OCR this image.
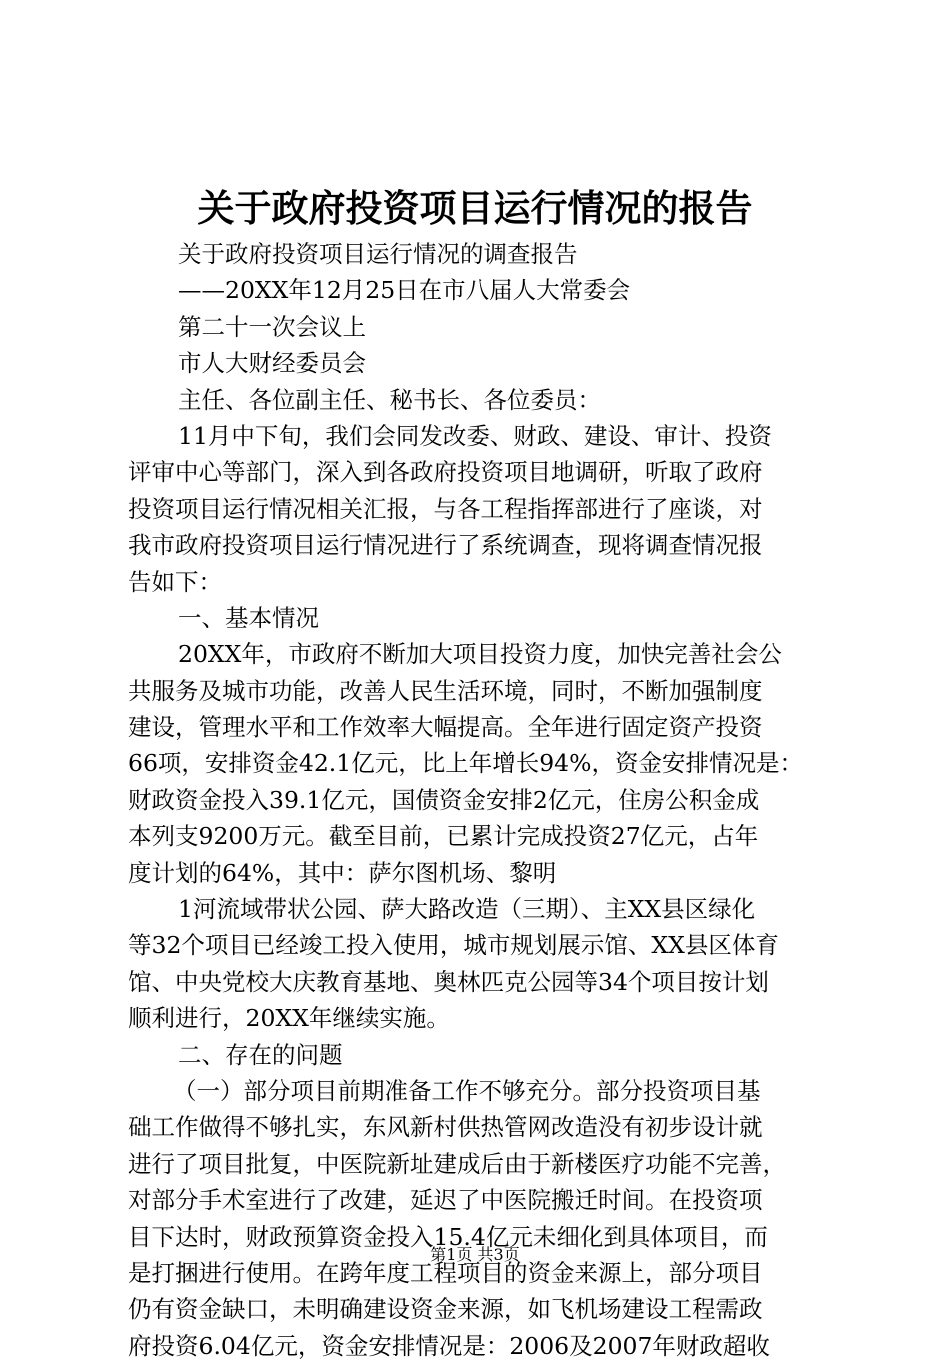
关于政府投资项目运行情况的报告
关于政府投资项目运行情况的调查报告
——20XX年12月25日在市八届人大常委会
第二十一次会议上
市人大财经委员会
主任、各位副主任、秘书长、各位委员：
11月中下旬，我们会同发改委、财政、建设、审计、投资
评审中心等部门，深入到各政府投资项目地调研，听取了政府
投资项目运行情况相关汇报，与各工程指挥部进行了座谈，对
我市政府投资项目运行情况进行了系统调查，现将调查情况报
告如下：
一、基本情况
20XX年，市政府不断加大项目投资力度，加快完善社会公
共服务及城市功能，改善人民生活环境，同时，不断加强制度
建设，管理水平和工作效率大幅提高。全年进行固定资产投资
66项，安排资金42.1亿元，比上年增长94%，资金安排情况是：
财政资金投入39.1亿元，国债资金安排2亿元，住房公积金成
本列支9200万元。截至目前，已累计完成投资27亿元，占年
度计划的64%，其中：萨尔图机场、黎明
1河流域带状公园、萨大路改造（三期）、主XX县区绿化
等32个项目已经竣工投入使用，城市规划展示馆、XX县区体育
馆、中央党校大庆教育基地、奥林匹克公园等34个项目按计划
顺利进行，20XX年继续实施。
二、存在的问题
（一）部分项目前期准备工作不够充分。部分投资项目基
础工作做得不够扎实，东风新村供热管网改造没有初步设计就
进行了项目批复，中医院新址建成后由于新楼医疗功能不完善，
对部分手术室进行了改建，延迟了中医院搬迁时间。在投资项
目下达时，财政预算资金投入15.4亿元未细化到具体项目，而
是打捆进行使用。在跨年度工程项目的资金来源上，部分项目
仍有资金缺口，未明确建设资金来源，如飞机场建设工程需政
府投资6.04亿元，资金安排情况是：2006及2007年财政超收
第1页 共3页
